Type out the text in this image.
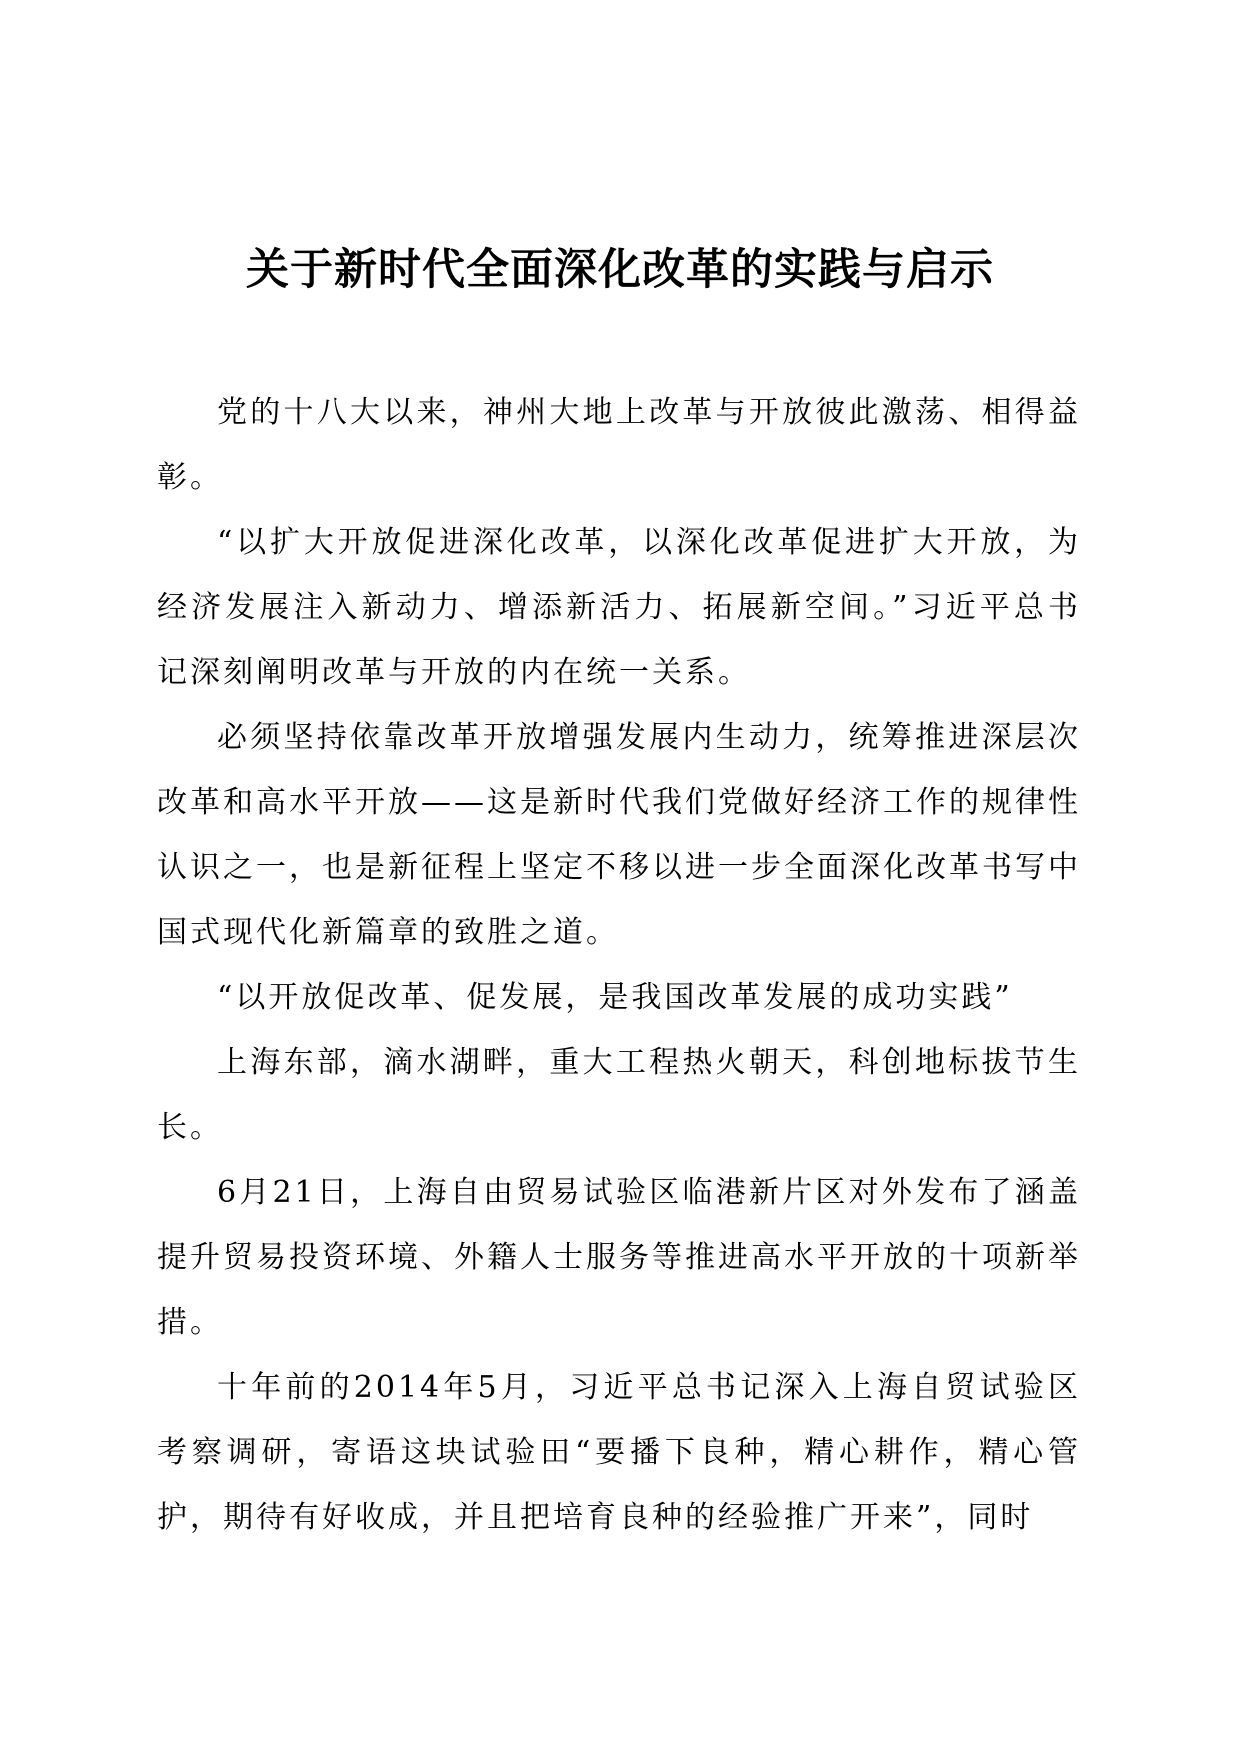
关于新时代全面深化改革的实践与启示

党的十八大以来，神州大地上改革与开放彼此激荡、相得益彰。

“以扩大开放促进深化改革，以深化改革促进扩大开放，为经济发展注入新动力、增添新活力、拓展新空间。”习近平总书记深刻阐明改革与开放的内在统一关系。

必须坚持依靠改革开放增强发展内生动力，统筹推进深层次改革和高水平开放——这是新时代我们党做好经济工作的规律性认识之一，也是新征程上坚定不移以进一步全面深化改革书写中国式现代化新篇章的致胜之道。

“以开放促改革、促发展，是我国改革发展的成功实践”

上海东部，滴水湖畔，重大工程热火朝天，科创地标拔节生长。

6月21日，上海自由贸易试验区临港新片区对外发布了涵盖提升贸易投资环境、外籍人士服务等推进高水平开放的十项新举措。

十年前的2014年5月，习近平总书记深入上海自贸试验区考察调研，寄语这块试验田“要播下良种，精心耕作，精心管护，期待有好收成，并且把培育良种的经验推广开来”，同时
